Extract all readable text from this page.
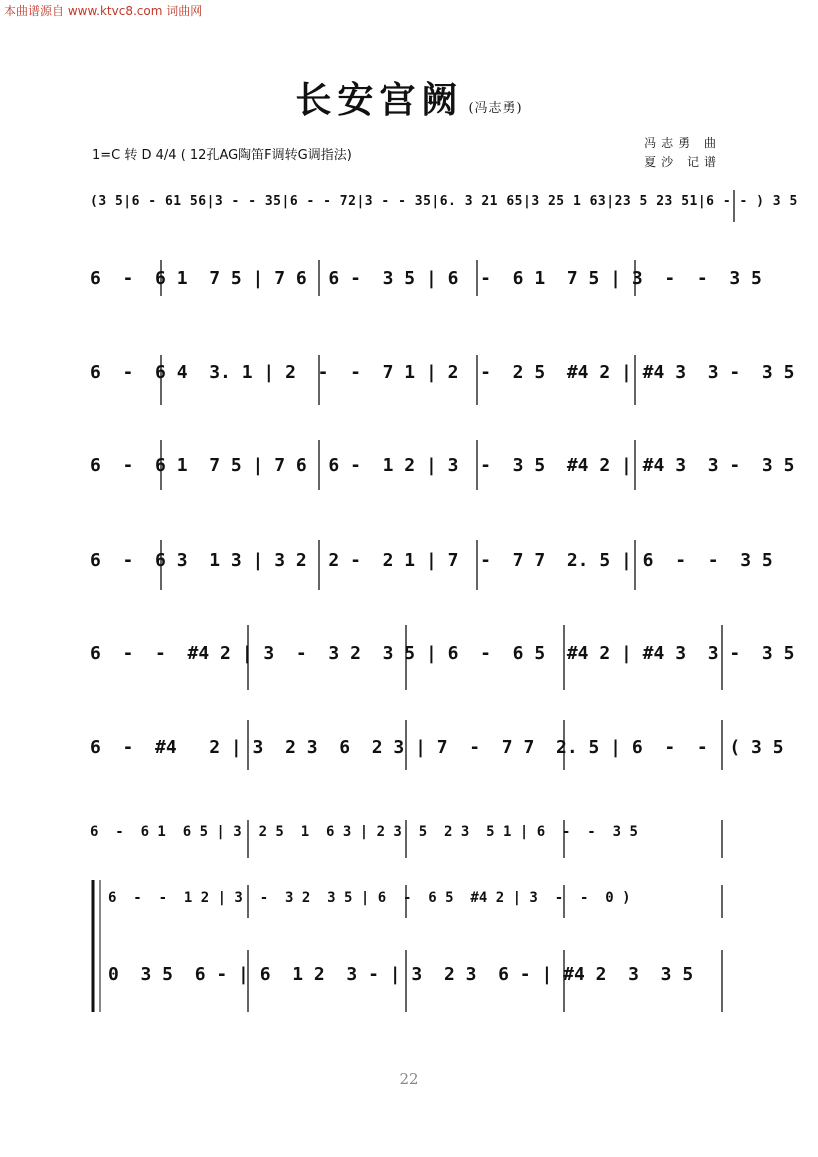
本曲谱源自 www.ktvc8.com 词曲网
长安宫阙 (冯志勇)
1=C 转 D 4/4 ( 12孔AG陶笛F调转G调指法)
冯志勇 曲
夏沙 记谱
(3 5|6 - 61 56|3 - - 35|6 - - 72|3 - - 35|6. 3 21 65|3 25 1 63|23 5 23 51|6 - - ) 3 5
6  -  6 1  7 5 | 7 6  6 -  3 5 | 6  -  6 1  7 5 | 3  -  -  3 5
6  -  6 4  3. 1 | 2  -  -  7 1 | 2  -  2 5  #4 2 | #4 3  3 -  3 5
6  -  6 1  7 5 | 7 6  6 -  1 2 | 3  -  3 5  #4 2 | #4 3  3 -  3 5
6  -  6 3  1 3 | 3 2  2 -  2 1 | 7  -  7 7  2. 5 | 6  -  -  3 5
6  -  -  #4 2 | 3  -  3 2  3 5 | 6  -  6 5  #4 2 | #4 3  3 -  3 5
6  -  #4   2 | 3  2 3  6  2 3 | 7  -  7 7  2. 5 | 6  -  -  ( 3 5
6  -  6 1  6 5 | 3  2 5  1  6 3 | 2 3  5  2 3  5 1 | 6  -  -  3 5
6  -  -  1 2 | 3  -  3 2  3 5 | 6  -  6 5  #4 2 | 3  -  -  0 )
0  3 5  6 - | 6  1 2  3 - | 3  2 3  6 - | #4 2  3  3 5
22
